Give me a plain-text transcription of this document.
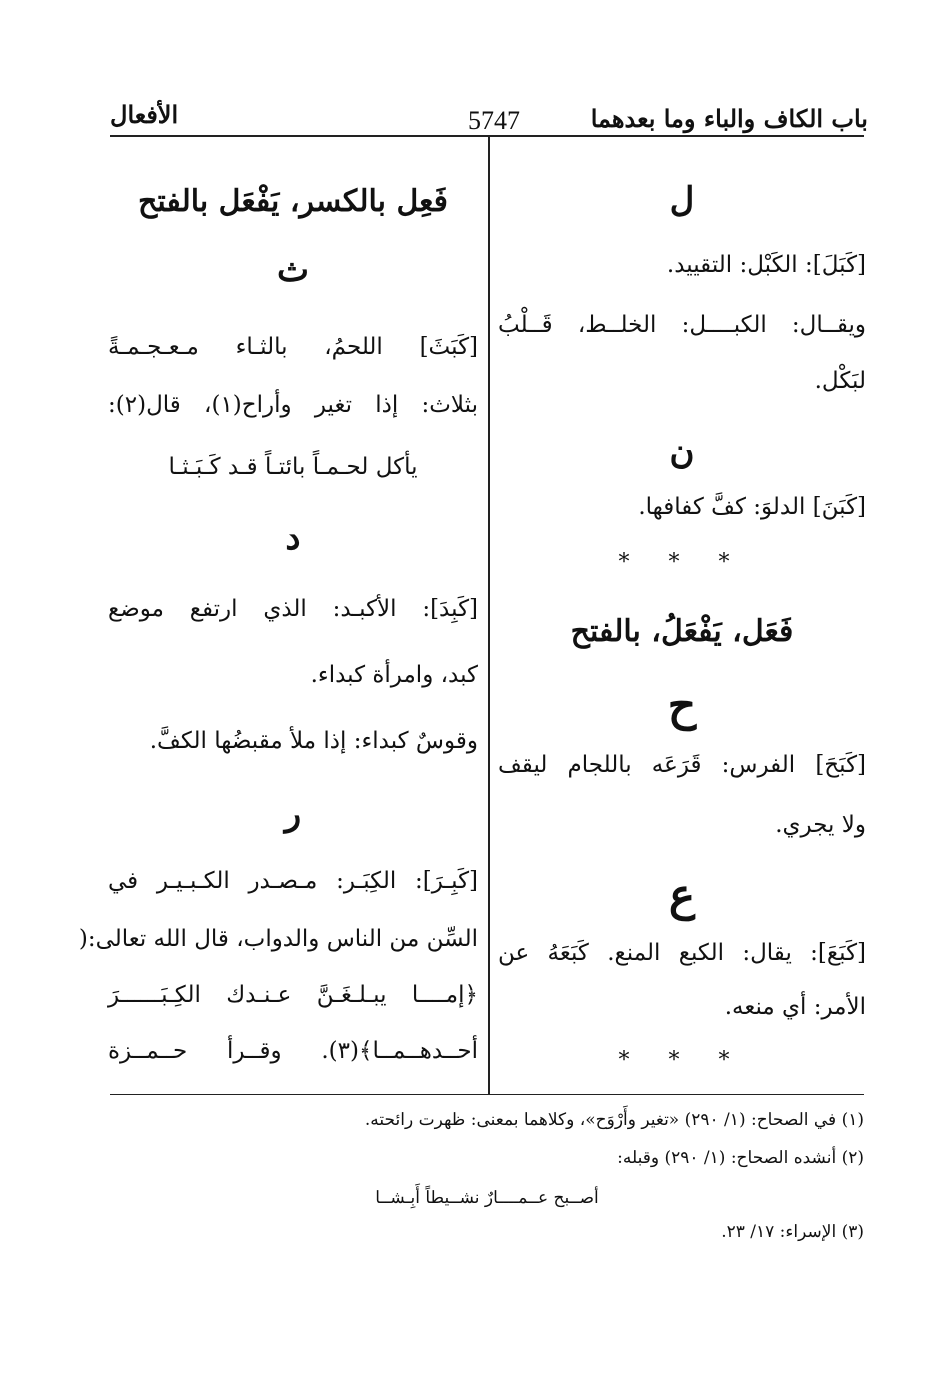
باب الكاف والباء وما بعدهما
5747
الأفعال
ل
[كَبَلَ]: الكَبْل: التقييد.
ويقــال: الكبــــل: الخلــط، قَــلْبُ
لبَكْل.
ن
[كَبَنَ] الدلوَ: كفَّ كفافها.
* * *
فَعَل، يَفْعَلُ، بالفتح
ح
[كَبَحَ] الفرس: قَرَعَه باللجام ليقف
ولا يجري.
ع
[كَبَعَ]: يقال: الكبع المنع. كَبَعَهُ عن
الأمر: أي منعه.
* * *
فَعِل بالكسر، يَفْعَل بالفتح
ث
[كَبَثَ] اللحمُ، بالثـاء مـعـجـمـةً
بثلاث: إذا تغير وأراح(١)، قال(٢):
يأكل لحـمـاً بائتـاً قـد كَـبَـثـا
د
[كَبِدَ]: الأكبـد: الذي ارتفع موضع
كبد، وامرأة كبداء.
وقوسٌ كبداء: إذا ملأ مقبضُها الكفَّ.
ر
[كَبِـرَ]: الكِبَـر: مـصـدر الكـبـيـر في
السِّن من الناس والدواب، قال الله تعالى:(
﴿إمــــا يبـلـغَـنَّ عـنـدك الكِـبَــــــرَ
أحــدهــمــا﴾(٣). وقــرأ حــمــزة
(١) في الصحاح: (١/ ٢٩٠) «تغير وأَرْوَح»، وكلاهما بمعنى: ظهرت رائحته.
(٢) أنشده الصحاح: (١/ ٢٩٠) وقبله:
أصــبح عــمــــارٌ نشــيطاً أَبِـشــا
(٣) الإسراء: ١٧/ ٢٣.
